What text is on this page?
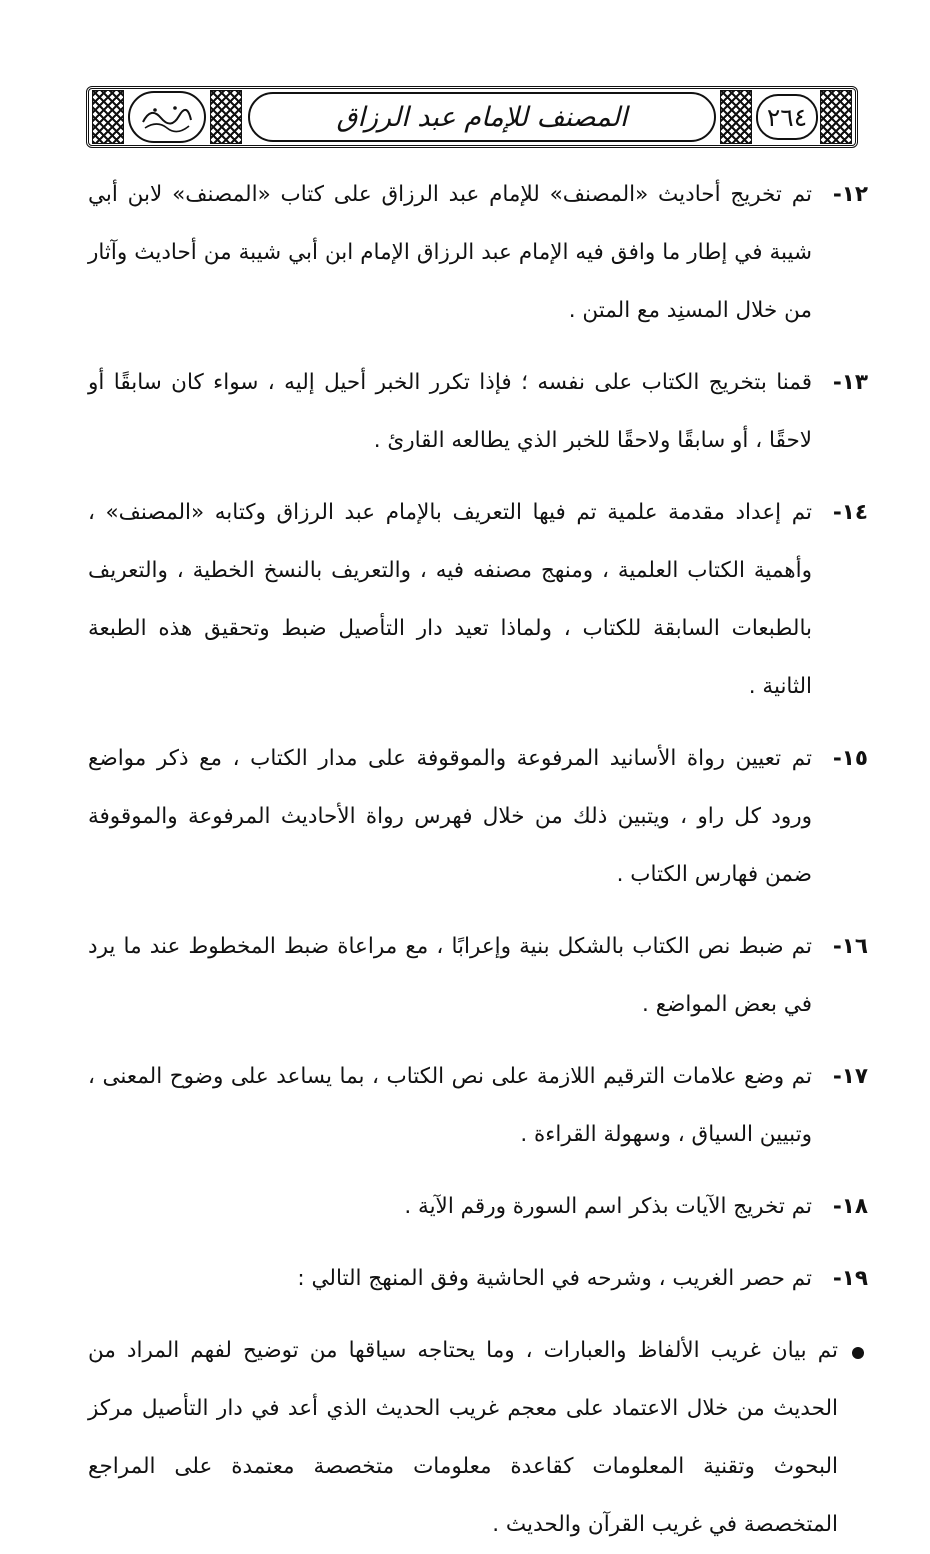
المصنف للإمام عبد الرزاق	٢٦٤
١٢-
تم تخريج أحاديث «المصنف» للإمام عبد الرزاق على كتاب «المصنف» لابن أبي شيبة في إطار ما وافق فيه الإمام عبد الرزاق الإمام ابن أبي شيبة من أحاديث وآثار من خلال المسنِد مع المتن .
١٣-
قمنا بتخريج الكتاب على نفسه ؛ فإذا تكرر الخبر أحيل إليه ، سواء كان سابقًا أو لاحقًا ، أو سابقًا ولاحقًا للخبر الذي يطالعه القارئ .
١٤-
تم إعداد مقدمة علمية تم فيها التعريف بالإمام عبد الرزاق وكتابه «المصنف» ، وأهمية الكتاب العلمية ، ومنهج مصنفه فيه ، والتعريف بالنسخ الخطية ، والتعريف بالطبعات السابقة للكتاب ، ولماذا تعيد دار التأصيل ضبط وتحقيق هذه الطبعة الثانية .
١٥-
تم تعيين رواة الأسانيد المرفوعة والموقوفة على مدار الكتاب ، مع ذكر مواضع ورود كل راو ، ويتبين ذلك من خلال فهرس رواة الأحاديث المرفوعة والموقوفة ضمن فهارس الكتاب .
١٦-
تم ضبط نص الكتاب بالشكل بنية وإعرابًا ، مع مراعاة ضبط المخطوط عند ما يرد في بعض المواضع .
١٧-
تم وضع علامات الترقيم اللازمة على نص الكتاب ، بما يساعد على وضوح المعنى ، وتبيين السياق ، وسهولة القراءة .
١٨-
تم تخريج الآيات بذكر اسم السورة ورقم الآية .
١٩-
تم حصر الغريب ، وشرحه في الحاشية وفق المنهج التالي :
تم بيان غريب الألفاظ والعبارات ، وما يحتاجه سياقها من توضيح لفهم المراد من الحديث من خلال الاعتماد على معجم غريب الحديث الذي أعد في دار التأصيل مركز البحوث وتقنية المعلومات كقاعدة معلومات متخصصة معتمدة على المراجع المتخصصة في غريب القرآن والحديث .
